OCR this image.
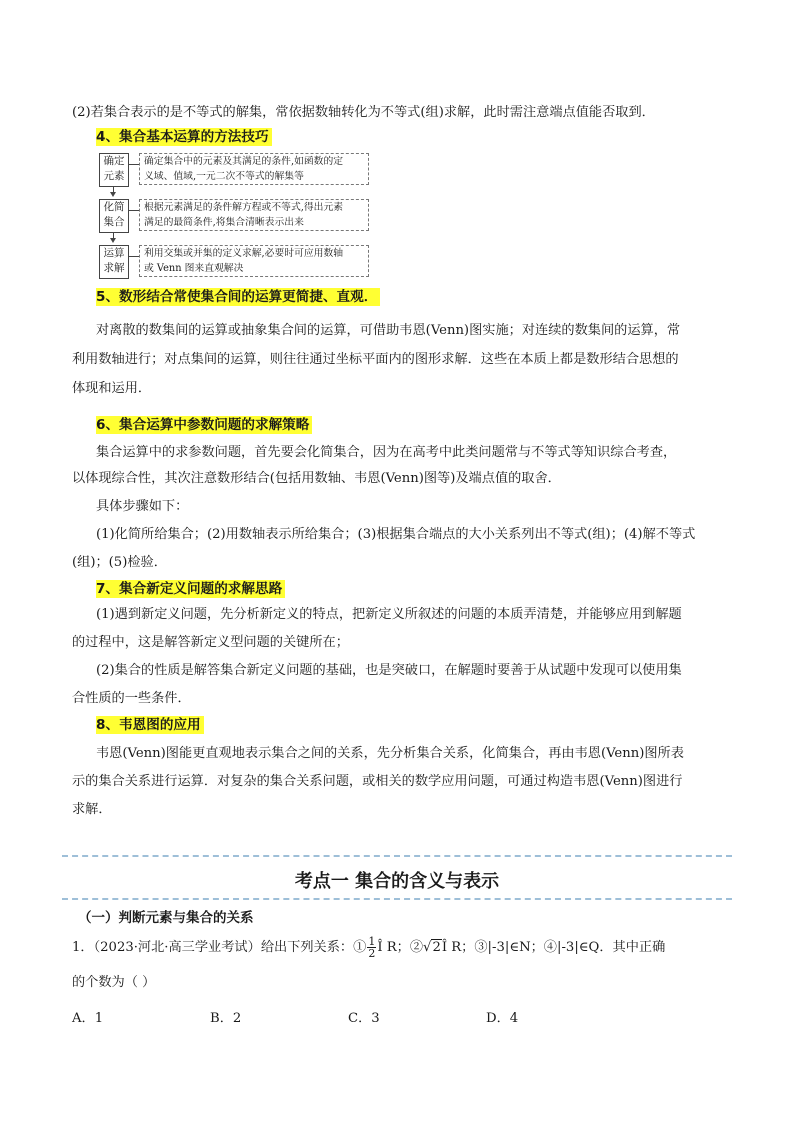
(2)若集合表示的是不等式的解集，常依据数轴转化为不等式(组)求解，此时需注意端点值能否取到．
4、集合基本运算的方法技巧
确定
元素
确定集合中的元素及其满足的条件,如函数的定
义域、值域,一元二次不等式的解集等
化简
集合
根据元素满足的条件解方程或不等式,得出元素
满足的最简条件,将集合清晰表示出来
运算
求解
利用交集或并集的定义求解,必要时可应用数轴
或 Venn 图来直观解决
5、数形结合常使集合间的运算更简捷、直观．
对离散的数集间的运算或抽象集合间的运算，可借助韦恩(Venn)图实施；对连续的数集间的运算，常
利用数轴进行；对点集间的运算，则往往通过坐标平面内的图形求解．这些在本质上都是数形结合思想的
体现和运用．
6、集合运算中参数问题的求解策略
集合运算中的求参数问题，首先要会化简集合，因为在高考中此类问题常与不等式等知识综合考查，
以体现综合性，其次注意数形结合(包括用数轴、韦恩(Venn)图等)及端点值的取舍．
具体步骤如下：
(1)化简所给集合；(2)用数轴表示所给集合；(3)根据集合端点的大小关系列出不等式(组)；(4)解不等式
(组)；(5)检验．
7、集合新定义问题的求解思路
(1)遇到新定义问题，先分析新定义的特点，把新定义所叙述的问题的本质弄清楚，并能够应用到解题
的过程中，这是解答新定义型问题的关键所在；
(2)集合的性质是解答集合新定义问题的基础，也是突破口，在解题时要善于从试题中发现可以使用集
合性质的一些条件．
8、韦恩图的应用
韦恩(Venn)图能更直观地表示集合之间的关系，先分析集合关系，化简集合，再由韦恩(Venn)图所表
示的集合关系进行运算．对复杂的集合关系问题，或相关的数学应用问题，可通过构造韦恩(Venn)图进行
求解．
考点一 集合的含义与表示
（一）判断元素与集合的关系
1．（2023·河北·高三学业考试）给出下列关系：① $\frac{1}{2}$ Î R；②√2Î R；③|-3|∈N；④|-3|∈Q．其中正确
的个数为（ ）
A．1	B．2	C．3	D．4
